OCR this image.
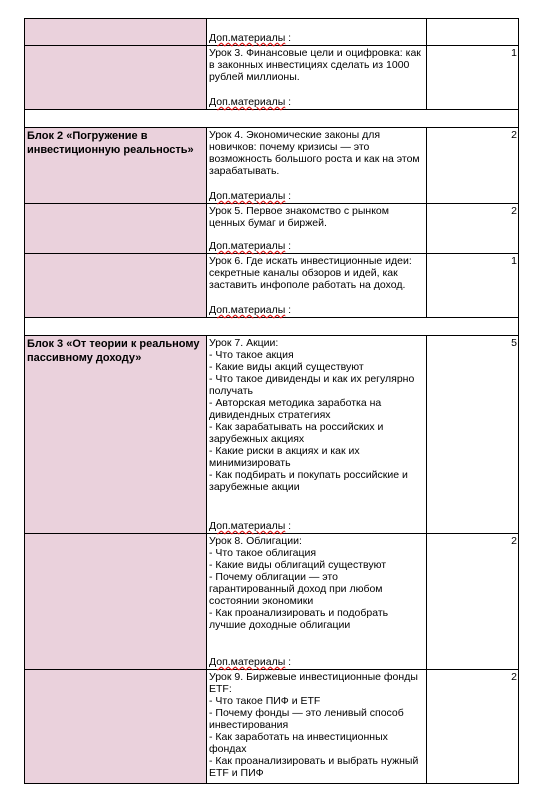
Доп.материалы :
Урок 3. Финансовые цели и оцифровка: как в законных инвестициях сделать из 1000 рублей миллионы.
Доп.материалы :
1
Блок 2 «Погружение в инвестиционную реальность»
Урок 4. Экономические законы для новичков: почему кризисы — это возможность большого роста и как на этом зарабатывать.
Доп.материалы :
2
Урок 5. Первое знакомство с рынком ценных бумаг и биржей.
Доп.материалы :
2
Урок 6. Где искать инвестиционные идеи: секретные каналы обзоров и идей, как заставить инфополе работать на доход.
Доп.материалы :
1
Блок 3 «От теории к реальному пассивному доходу»
Урок 7. Акции:
- Что такое акция
- Какие виды акций существуют
- Что такое дивиденды и как их регулярно получать
- Авторская методика заработка на дивидендных стратегиях
- Как зарабатывать на российских и зарубежных акциях
- Какие риски в акциях и как их минимизировать
- Как подбирать и покупать российские и зарубежные акции
Доп.материалы :
5
Урок 8. Облигации:
- Что такое облигация
- Какие виды облигаций существуют
- Почему облигации — это гарантированный доход при любом состоянии экономики
- Как проанализировать и подобрать лучшие доходные облигации
Доп.материалы :
2
Урок 9. Биржевые инвестиционные фонды ETF:
- Что такое ПИФ и ETF
- Почему фонды — это ленивый способ инвестирования
- Как заработать на инвестиционных фондах
- Как проанализировать и выбрать нужный ETF и ПИФ
2
